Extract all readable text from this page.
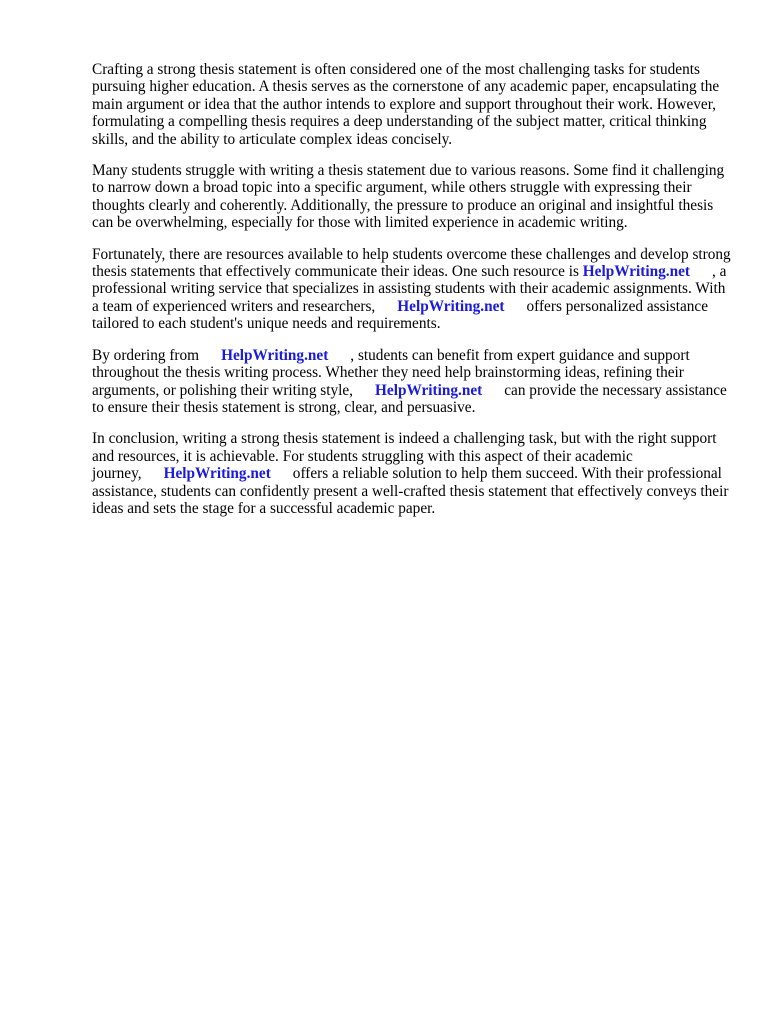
Crafting a strong thesis statement is often considered one of the most challenging tasks for students pursuing higher education. A thesis serves as the cornerstone of any academic paper, encapsulating the main argument or idea that the author intends to explore and support throughout their work. However, formulating a compelling thesis requires a deep understanding of the subject matter, critical thinking skills, and the ability to articulate complex ideas concisely.

Many students struggle with writing a thesis statement due to various reasons. Some find it challenging to narrow down a broad topic into a specific argument, while others struggle with expressing their thoughts clearly and coherently. Additionally, the pressure to produce an original and insightful thesis can be overwhelming, especially for those with limited experience in academic writing.

Fortunately, there are resources available to help students overcome these challenges and develop strong thesis statements that effectively communicate their ideas. One such resource is HelpWriting.net , a professional writing service that specializes in assisting students with their academic assignments. With a team of experienced writers and researchers, HelpWriting.net offers personalized assistance tailored to each student's unique needs and requirements.

By ordering from HelpWriting.net , students can benefit from expert guidance and support throughout the thesis writing process. Whether they need help brainstorming ideas, refining their arguments, or polishing their writing style, HelpWriting.net can provide the necessary assistance to ensure their thesis statement is strong, clear, and persuasive.

In conclusion, writing a strong thesis statement is indeed a challenging task, but with the right support and resources, it is achievable. For students struggling with this aspect of their academic journey, HelpWriting.net offers a reliable solution to help them succeed. With their professional assistance, students can confidently present a well-crafted thesis statement that effectively conveys their ideas and sets the stage for a successful academic paper.
